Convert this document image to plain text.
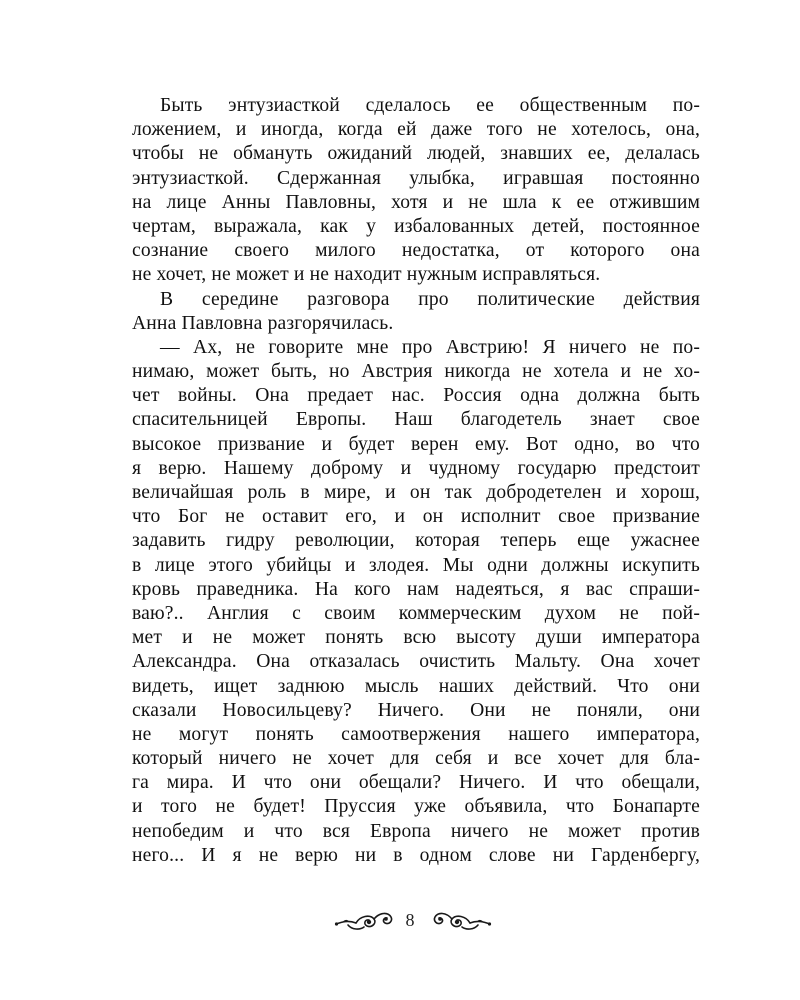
Быть энтузиасткой сделалось ее общественным по-
ложением, и иногда, когда ей даже того не хотелось, она,
чтобы не обмануть ожиданий людей, знавших ее, делалась
энтузиасткой. Сдержанная улыбка, игравшая постоянно
на лице Анны Павловны, хотя и не шла к ее отжившим
чертам, выражала, как у избалованных детей, постоянное
сознание своего милого недостатка, от которого она
не хочет, не может и не находит нужным исправляться.
В середине разговора про политические действия
Анна Павловна разгорячилась.
— Ах, не говорите мне про Австрию! Я ничего не по-
нимаю, может быть, но Австрия никогда не хотела и не хо-
чет войны. Она предает нас. Россия одна должна быть
спасительницей Европы. Наш благодетель знает свое
высокое призвание и будет верен ему. Вот одно, во что
я верю. Нашему доброму и чудному государю предстоит
величайшая роль в мире, и он так добродетелен и хорош,
что Бог не оставит его, и он исполнит свое призвание
задавить гидру революции, которая теперь еще ужаснее
в лице этого убийцы и злодея. Мы одни должны искупить
кровь праведника. На кого нам надеяться, я вас спраши-
ваю?.. Англия с своим коммерческим духом не пой-
мет и не может понять всю высоту души императора
Александра. Она отказалась очистить Мальту. Она хочет
видеть, ищет заднюю мысль наших действий. Что они
сказали Новосильцеву? Ничего. Они не поняли, они
не могут понять самоотвержения нашего императора,
который ничего не хочет для себя и все хочет для бла-
га мира. И что они обещали? Ничего. И что обещали,
и того не будет! Пруссия уже объявила, что Бонапарте
непобедим и что вся Европа ничего не может против
него... И я не верю ни в одном слове ни Гарденбергу,
8
